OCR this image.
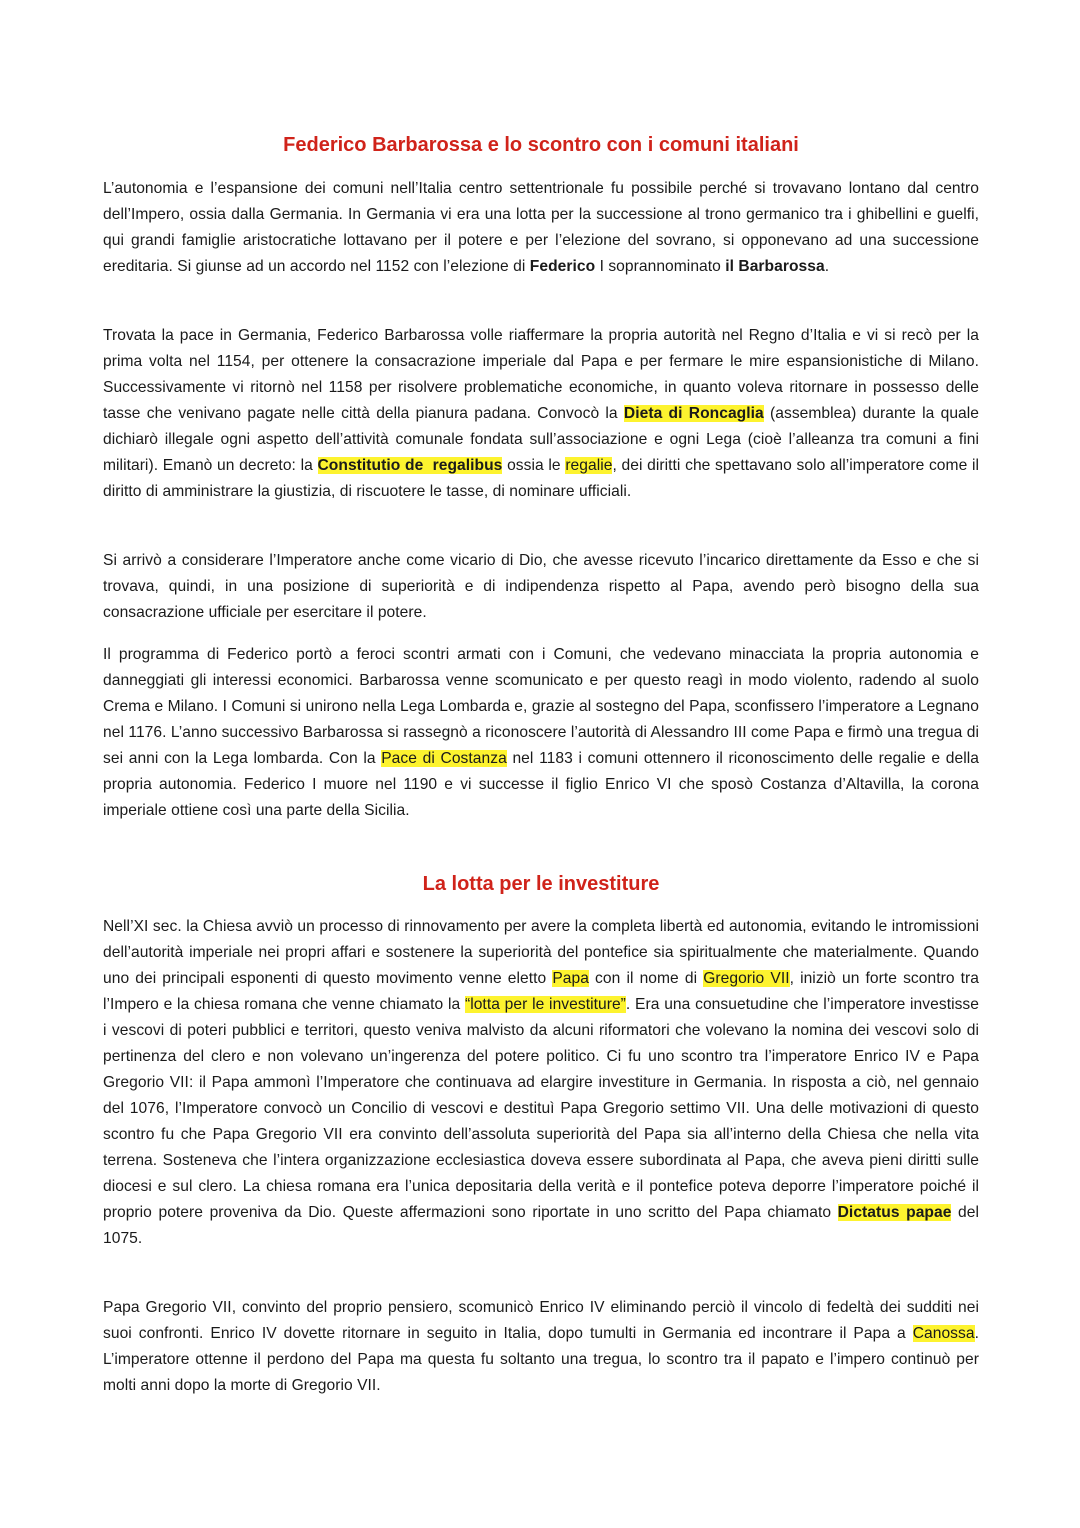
Federico Barbarossa e lo scontro con i comuni italiani

L’autonomia e l’espansione dei comuni nell’Italia centro settentrionale fu possibile perché si trovavano lontano dal centro dell’Impero, ossia dalla Germania. In Germania vi era una lotta per la successione al trono germanico tra i ghibellini e guelfi, qui grandi famiglie aristocratiche lottavano per il potere e per l’elezione del sovrano, si opponevano ad una successione ereditaria. Si giunse ad un accordo nel 1152 con l’elezione di Federico I soprannominato il Barbarossa.

Trovata la pace in Germania, Federico Barbarossa volle riaffermare la propria autorità nel Regno d’Italia e vi si recò per la prima volta nel 1154, per ottenere la consacrazione imperiale dal Papa e per fermare le mire espansionistiche di Milano. Successivamente vi ritornò nel 1158 per risolvere problematiche economiche, in quanto voleva ritornare in possesso delle tasse che venivano pagate nelle città della pianura padana. Convocò la Dieta di Roncaglia (assemblea) durante la quale dichiarò illegale ogni aspetto dell’attività comunale fondata sull’associazione e ogni Lega (cioè l’alleanza tra comuni a fini militari). Emanò un decreto: la Constitutio de  regalibus ossia le regalie, dei diritti che spettavano solo all’imperatore come il diritto di amministrare la giustizia, di riscuotere le tasse, di nominare ufficiali.

Si arrivò a considerare l’Imperatore anche come vicario di Dio, che avesse ricevuto l’incarico direttamente da Esso e che si trovava, quindi, in una posizione di superiorità e di indipendenza rispetto al Papa, avendo però bisogno della sua consacrazione ufficiale per esercitare il potere.

Il programma di Federico portò a feroci scontri armati con i Comuni, che vedevano minacciata la propria autonomia e danneggiati gli interessi economici. Barbarossa venne scomunicato e per questo reagì in modo violento, radendo al suolo Crema e Milano. I Comuni si unirono nella Lega Lombarda e, grazie al sostegno del Papa, sconfissero l’imperatore a Legnano nel 1176. L’anno successivo Barbarossa si rassegnò a riconoscere l’autorità di Alessandro III come Papa e firmò una tregua di sei anni con la Lega lombarda. Con la Pace di Costanza nel 1183 i comuni ottennero il riconoscimento delle regalie e della propria autonomia. Federico I muore nel 1190 e vi successe il figlio Enrico VI che sposò Costanza d’Altavilla, la corona imperiale ottiene così una parte della Sicilia.

La lotta per le investiture

Nell’XI sec. la Chiesa avviò un processo di rinnovamento per avere la completa libertà ed autonomia, evitando le intromissioni dell’autorità imperiale nei propri affari e sostenere la superiorità del pontefice sia spiritualmente che materialmente. Quando uno dei principali esponenti di questo movimento venne eletto Papa con il nome di Gregorio VII, iniziò un forte scontro tra l’Impero e la chiesa romana che venne chiamato la “lotta per le investiture”. Era una consuetudine che l’imperatore investisse i vescovi di poteri pubblici e territori, questo veniva malvisto da alcuni riformatori che volevano la nomina dei vescovi solo di pertinenza del clero e non volevano un’ingerenza del potere politico. Ci fu uno scontro tra l’imperatore Enrico IV e Papa Gregorio VII: il Papa ammonì l’Imperatore che continuava ad elargire investiture in Germania. In risposta a ciò, nel gennaio del 1076, l’Imperatore convocò un Concilio di vescovi e destituì Papa Gregorio settimo VII. Una delle motivazioni di questo scontro fu che Papa Gregorio VII era convinto dell’assoluta superiorità del Papa sia all’interno della Chiesa che nella vita terrena. Sosteneva che l’intera organizzazione ecclesiastica doveva essere subordinata al Papa, che aveva pieni diritti sulle diocesi e sul clero. La chiesa romana era l’unica depositaria della verità e il pontefice poteva deporre l’imperatore poiché il proprio potere proveniva da Dio. Queste affermazioni sono riportate in uno scritto del Papa chiamato Dictatus papae del 1075.

Papa Gregorio VII, convinto del proprio pensiero, scomunicò Enrico IV eliminando perciò il vincolo di fedeltà dei sudditi nei suoi confronti. Enrico IV dovette ritornare in seguito in Italia, dopo tumulti in Germania ed incontrare il Papa a Canossa. L’imperatore ottenne il perdono del Papa ma questa fu soltanto una tregua, lo scontro tra il papato e l’impero continuò per molti anni dopo la morte di Gregorio VII.
